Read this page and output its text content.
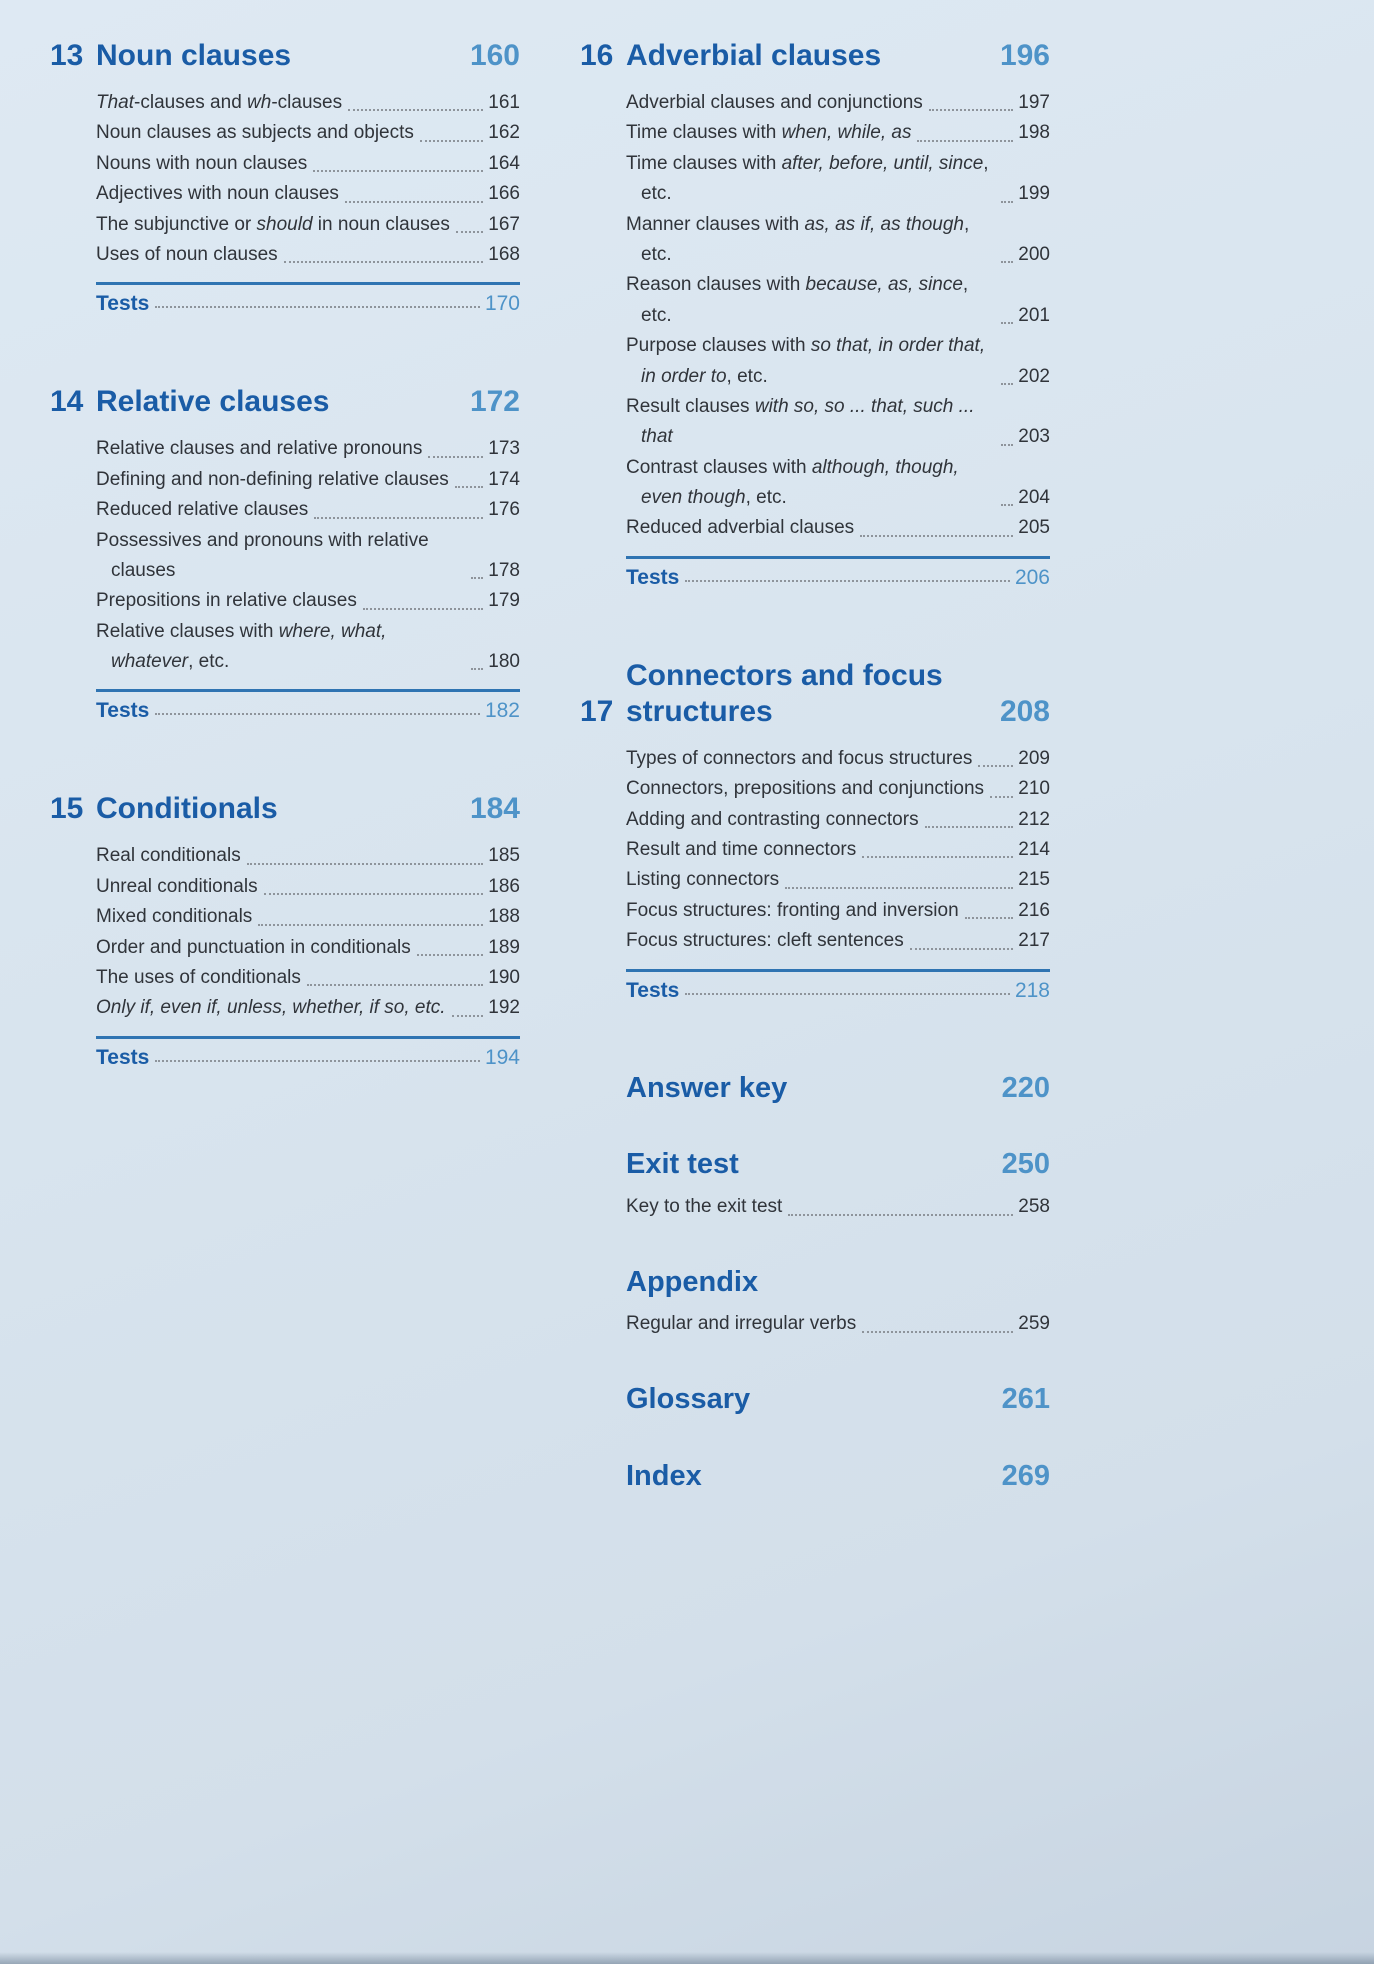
13 Noun clauses	160
That-clauses and wh-clauses	161
Noun clauses as subjects and objects	162
Nouns with noun clauses	164
Adjectives with noun clauses	166
The subjunctive or should in noun clauses 167
Uses of noun clauses	168
Tests	170
14 Relative clauses	172
Relative clauses and relative pronouns	173
Defining and non-defining relative clauses 174
Reduced relative clauses	176
Possessives and pronouns with relative clauses	178
Prepositions in relative clauses	179
Relative clauses with where, what, whatever, etc.	180
Tests	182
15 Conditionals	184
Real conditionals	185
Unreal conditionals	186
Mixed conditionals	188
Order and punctuation in conditionals	189
The uses of conditionals	190
Only if, even if, unless, whether, if so, etc. 192
Tests	194
16 Adverbial clauses	196
Adverbial clauses and conjunctions	197
Time clauses with when, while, as	198
Time clauses with after, before, until, since, etc.	199
Manner clauses with as, as if, as though, etc.	200
Reason clauses with because, as, since, etc.	201
Purpose clauses with so that, in order that, in order to, etc.	202
Result clauses with so, so ... that, such ... that	203
Contrast clauses with although, though, even though, etc.	204
Reduced adverbial clauses	205
Tests	206
17
Connectors and focus structures	208
Types of connectors and focus structures 209
Connectors, prepositions and conjunctions 210
Adding and contrasting connectors	212
Result and time connectors	214
Listing connectors	215
Focus structures: fronting and inversion	216
Focus structures: cleft sentences	217
Tests	218
Answer key	220
Exit test	250
Key to the exit test	258
Appendix
Regular and irregular verbs	259
Glossary	261
Index	269
